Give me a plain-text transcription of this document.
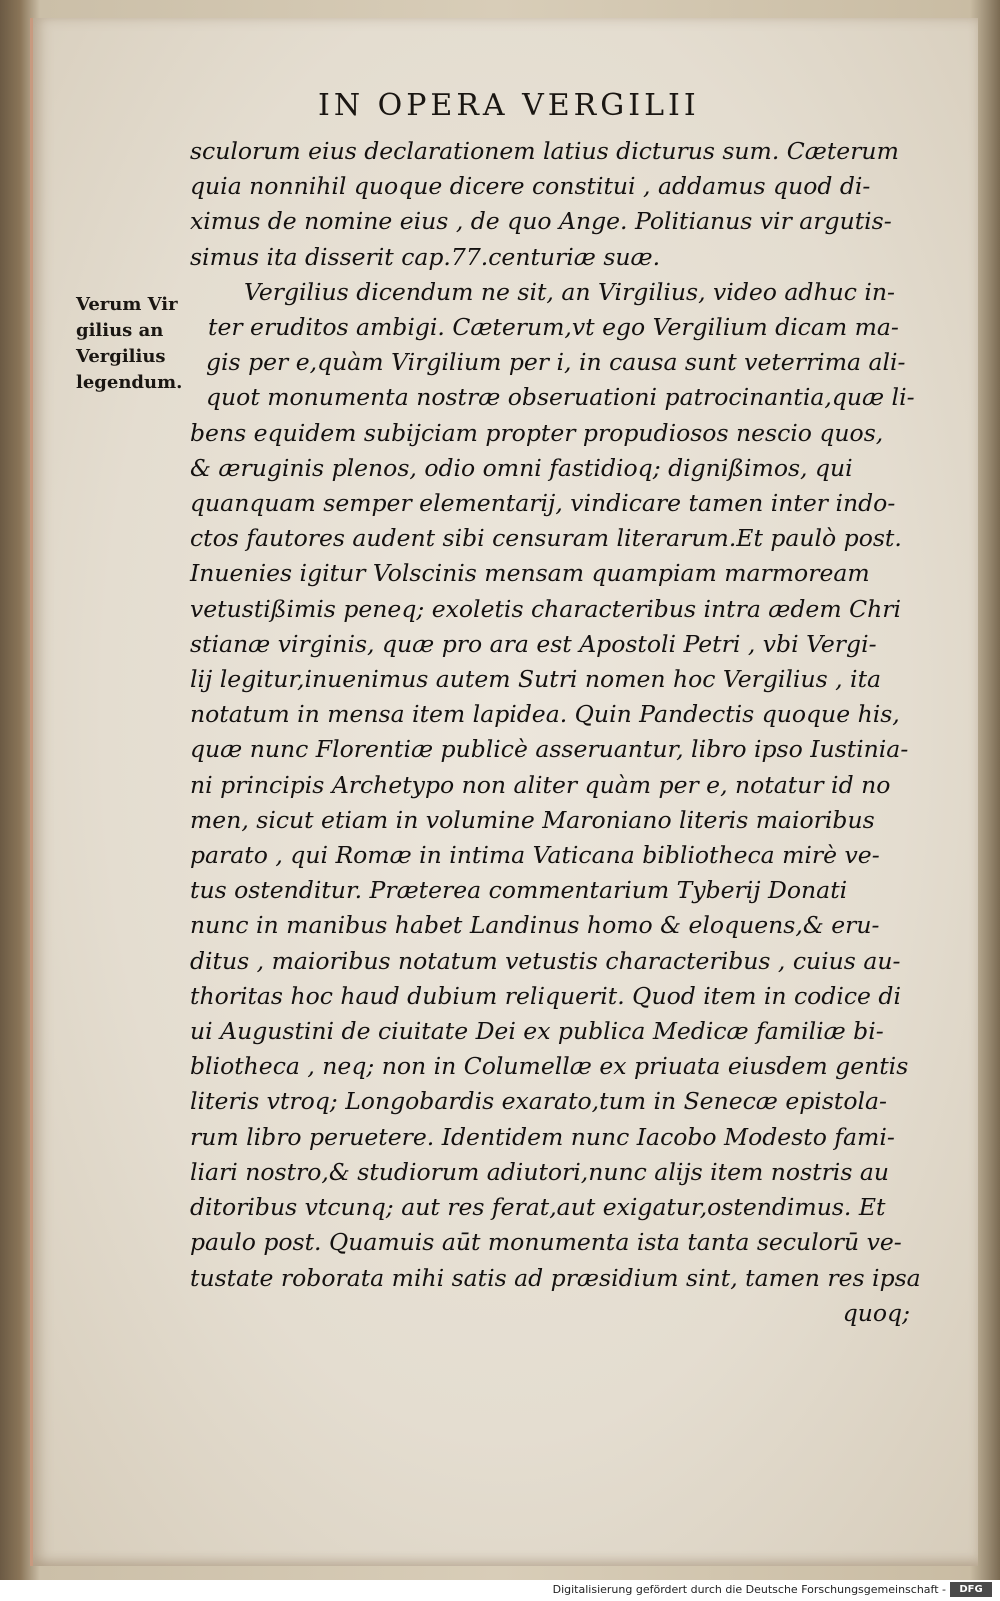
IN OPERA VERGILII
Verum Vir
gilius an
Vergilius
legendum.
sculorum eius declarationem latius dicturus sum. Cæterum
quia nonnihil quoque dicere constitui , addamus quod di-
ximus de nomine eius , de quo Ange. Politianus vir argutis-
simus ita disserit cap.77.centuriæ suæ.
Vergilius dicendum ne sit, an Virgilius, video adhuc in-
ter eruditos ambigi. Cæterum,vt ego Vergilium dicam ma-
gis per e,quàm Virgilium per i, in causa sunt veterrima ali-
quot monumenta nostræ obseruationi patrocinantia,quæ li-
bens equidem subijciam propter propudiosos nescio quos,
& æruginis plenos, odio omni fastidioq; dignißimos, qui
quanquam semper elementarij, vindicare tamen inter indo-
ctos fautores audent sibi censuram literarum.Et paulò post.
Inuenies igitur Volscinis mensam quampiam marmoream
vetustißimis peneq; exoletis characteribus intra ædem Chri
stianæ virginis, quæ pro ara est Apostoli Petri , vbi Vergi-
lij legitur,inuenimus autem Sutri nomen hoc Vergilius , ita
notatum in mensa item lapidea. Quin Pandectis quoque his,
quæ nunc Florentiæ publicè asseruantur, libro ipso Iustinia-
ni principis Archetypo non aliter quàm per e, notatur id no
men, sicut etiam in volumine Maroniano literis maioribus
parato , qui Romæ in intima Vaticana bibliotheca mirè ve-
tus ostenditur. Præterea commentarium Tyberij Donati
nunc in manibus habet Landinus homo & eloquens,& eru-
ditus , maioribus notatum vetustis characteribus , cuius au-
thoritas hoc haud dubium reliquerit. Quod item in codice di
ui Augustini de ciuitate Dei ex publica Medicæ familiæ bi-
bliotheca , neq; non in Columellæ ex priuata eiusdem gentis
literis vtroq; Longobardis exarato,tum in Senecæ epistola-
rum libro peruetere. Identidem nunc Iacobo Modesto fami-
liari nostro,& studiorum adiutori,nunc alijs item nostris au
ditoribus vtcunq; aut res ferat,aut exigatur,ostendimus. Et
paulo post. Quamuis aūt monumenta ista tanta seculorū ve-
tustate roborata mihi satis ad præsidium sint, tamen res ipsa
quoq;
Digitalisierung gefördert durch die Deutsche Forschungsgemeinschaft -	DFG
